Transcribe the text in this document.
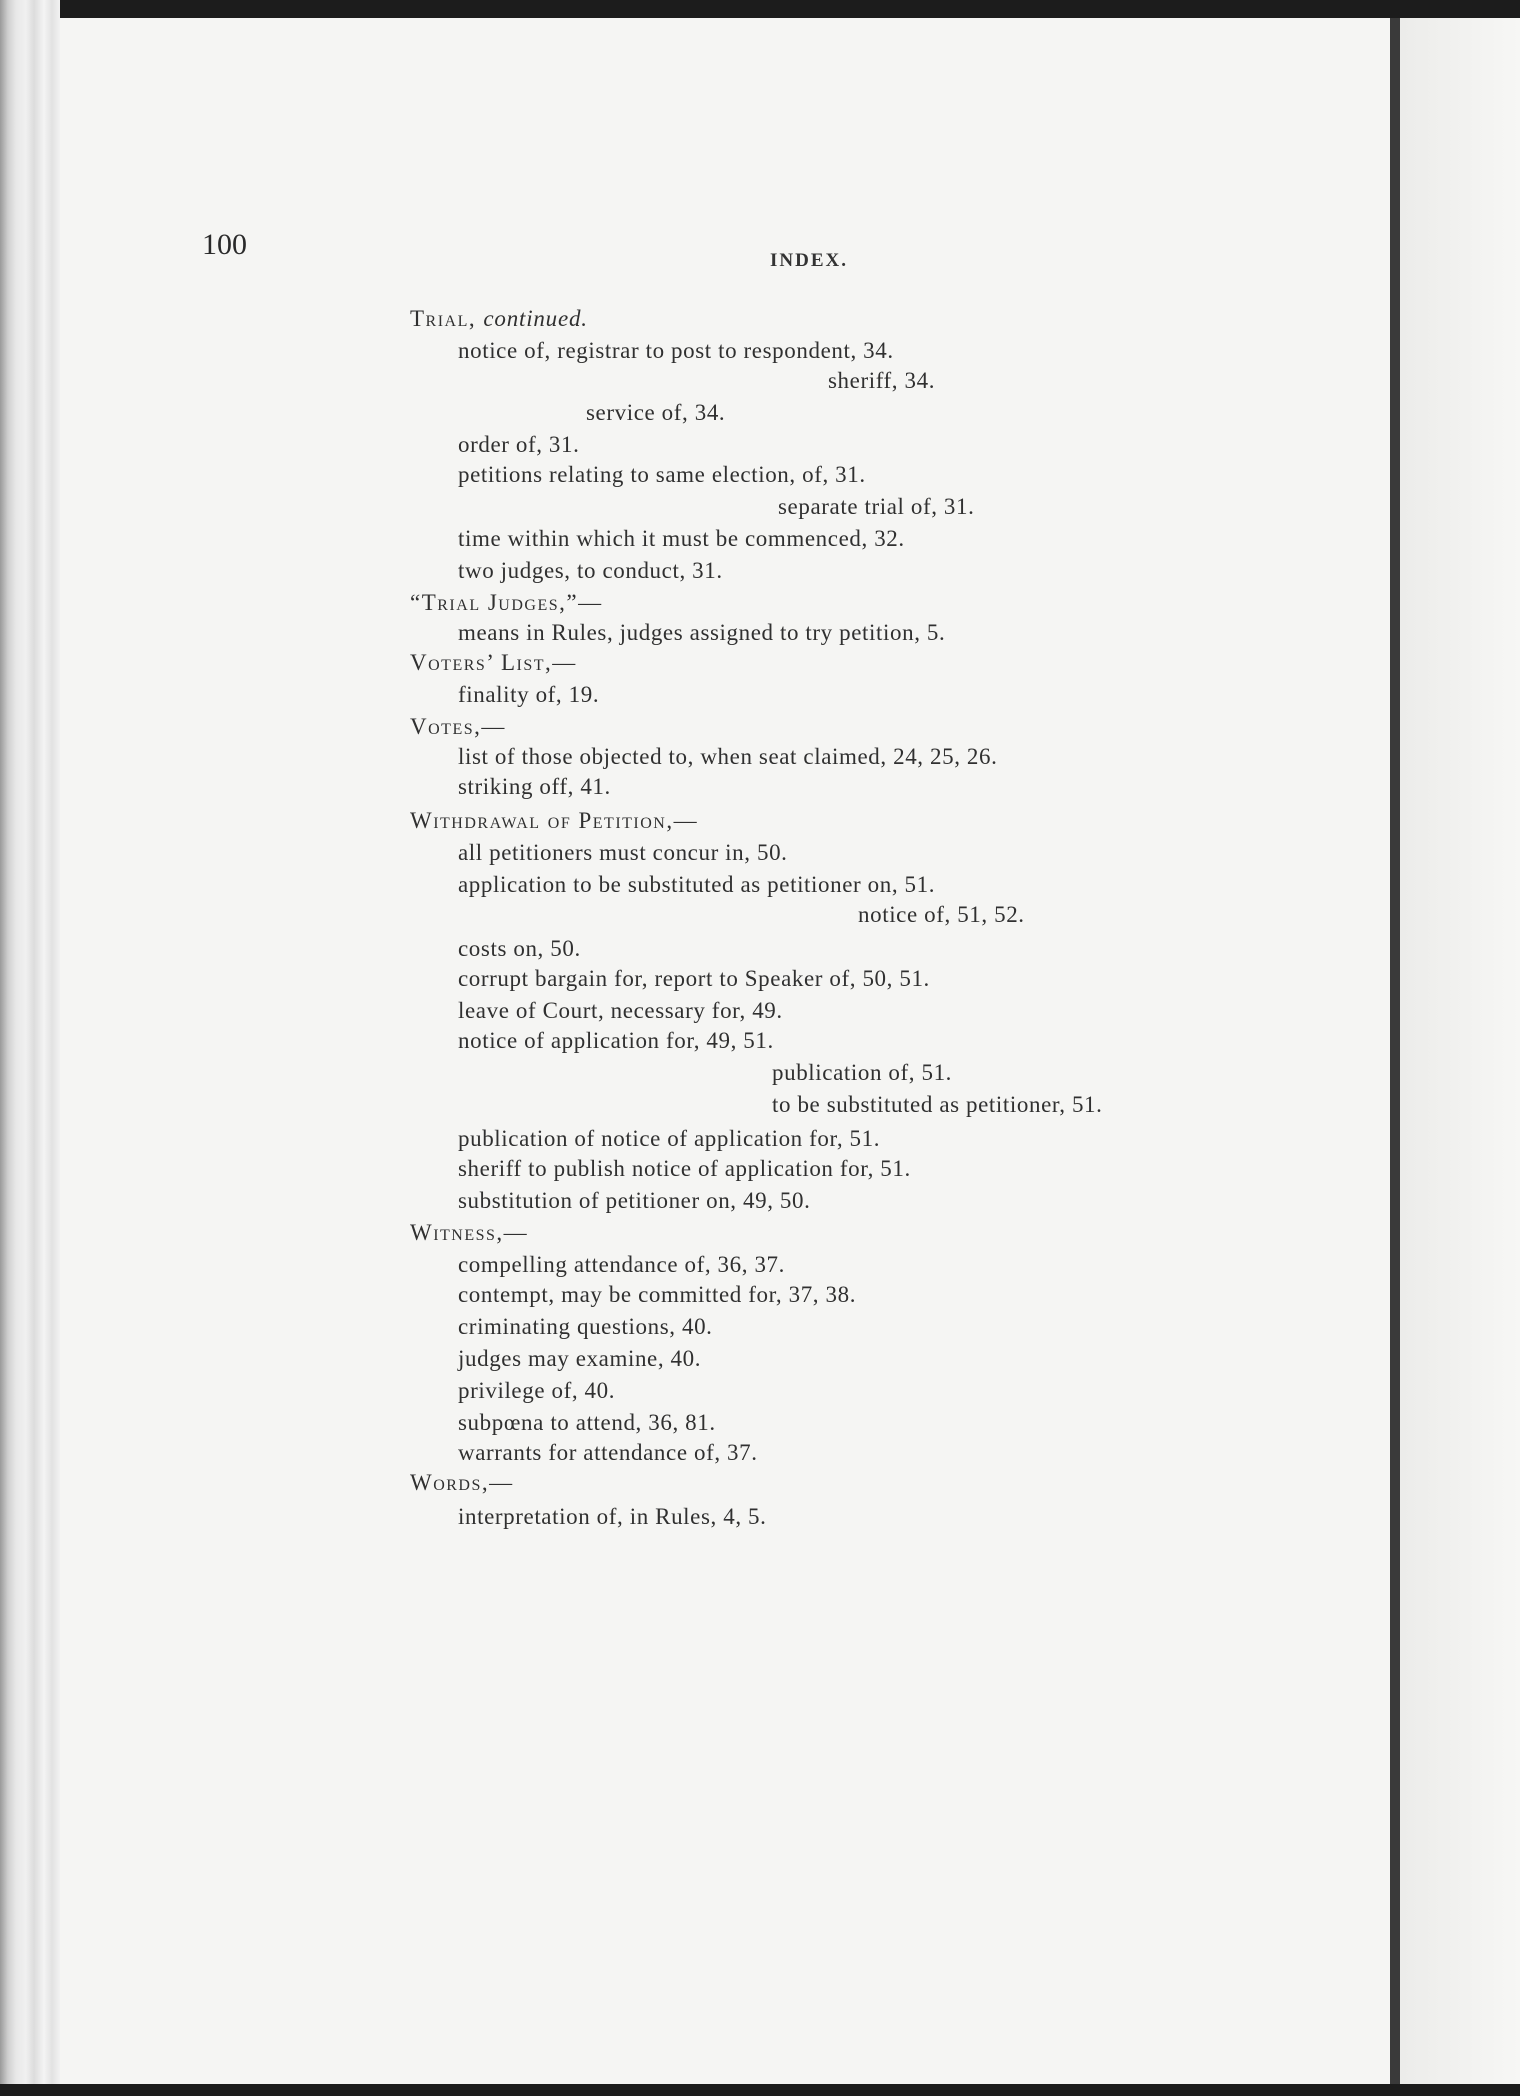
100	INDEX.
Trial, continued.
notice of, registrar to post to respondent, 34.
sheriff, 34.
service of, 34.
order of, 31.
petitions relating to same election, of, 31.
separate trial of, 31.
time within which it must be commenced, 32.
two judges, to conduct, 31.
“Trial Judges,”—
means in Rules, judges assigned to try petition, 5.
Voters’ List,—
finality of, 19.
Votes,—
list of those objected to, when seat claimed, 24, 25, 26.
striking off, 41.
Withdrawal of Petition,—
all petitioners must concur in, 50.
application to be substituted as petitioner on, 51.
notice of, 51, 52.
costs on, 50.
corrupt bargain for, report to Speaker of, 50, 51.
leave of Court, necessary for, 49.
notice of application for, 49, 51.
publication of, 51.
to be substituted as petitioner, 51.
publication of notice of application for, 51.
sheriff to publish notice of application for, 51.
substitution of petitioner on, 49, 50.
Witness,—
compelling attendance of, 36, 37.
contempt, may be committed for, 37, 38.
criminating questions, 40.
judges may examine, 40.
privilege of, 40.
subpœna to attend, 36, 81.
warrants for attendance of, 37.
Words,—
interpretation of, in Rules, 4, 5.
